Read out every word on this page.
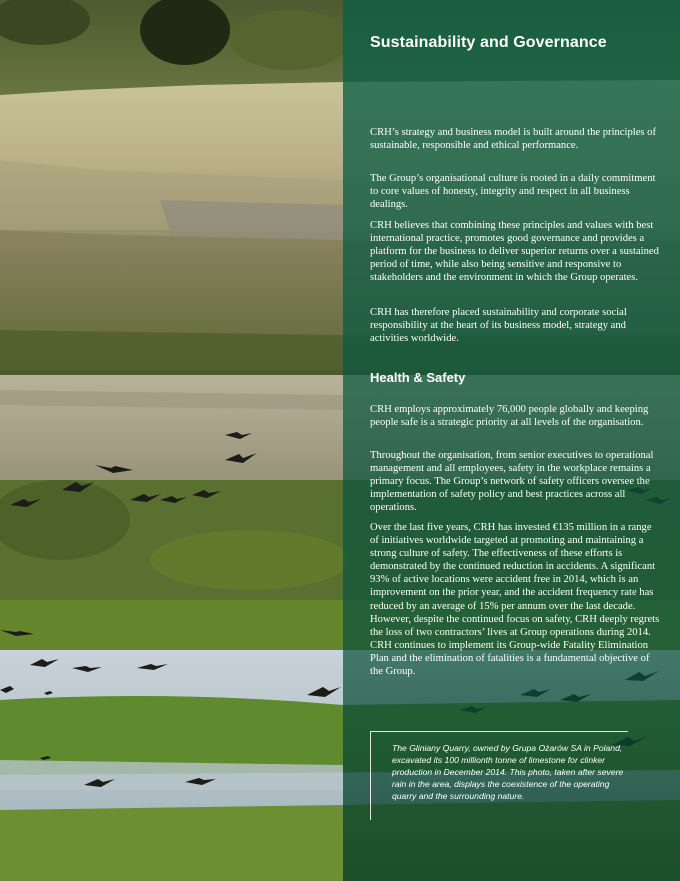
Sustainability and Governance

CRH’s strategy and business model is built around the principles of sustainable, responsible and ethical performance.

The Group’s organisational culture is rooted in a daily commitment to core values of honesty, integrity and respect in all business dealings.

CRH believes that combining these principles and values with best international practice, promotes good governance and provides a platform for the business to deliver superior returns over a sustained period of time, while also being sensitive and responsive to stakeholders and the environment in which the Group operates.

CRH has therefore placed sustainability and corporate social responsibility at the heart of its business model, strategy and activities worldwide.

Health & Safety

CRH employs approximately 76,000 people globally and keeping people safe is a strategic priority at all levels of the organisation.

Throughout the organisation, from senior executives to operational management and all employees, safety in the workplace remains a primary focus. The Group’s network of safety officers oversee the implementation of safety policy and best practices across all operations.

Over the last five years, CRH has invested €135 million in a range of initiatives worldwide targeted at promoting and maintaining a strong culture of safety. The effectiveness of these efforts is demonstrated by the continued reduction in accidents. A significant 93% of active locations were accident free in 2014, which is an improvement on the prior year, and the accident frequency rate has reduced by an average of 15% per annum over the last decade. However, despite the continued focus on safety, CRH deeply regrets the loss of two contractors’ lives at Group operations during 2014. CRH continues to implement its Group-wide Fatality Elimination Plan and the elimination of fatalities is a fundamental objective of the Group.

The Gliniany Quarry, owned by Grupa Ożarów SA in Poland, excavated its 100 millionth tonne of limestone for clinker production in December 2014. This photo, taken after severe rain in the area, displays the coexistence of the operating quarry and the surrounding nature.
